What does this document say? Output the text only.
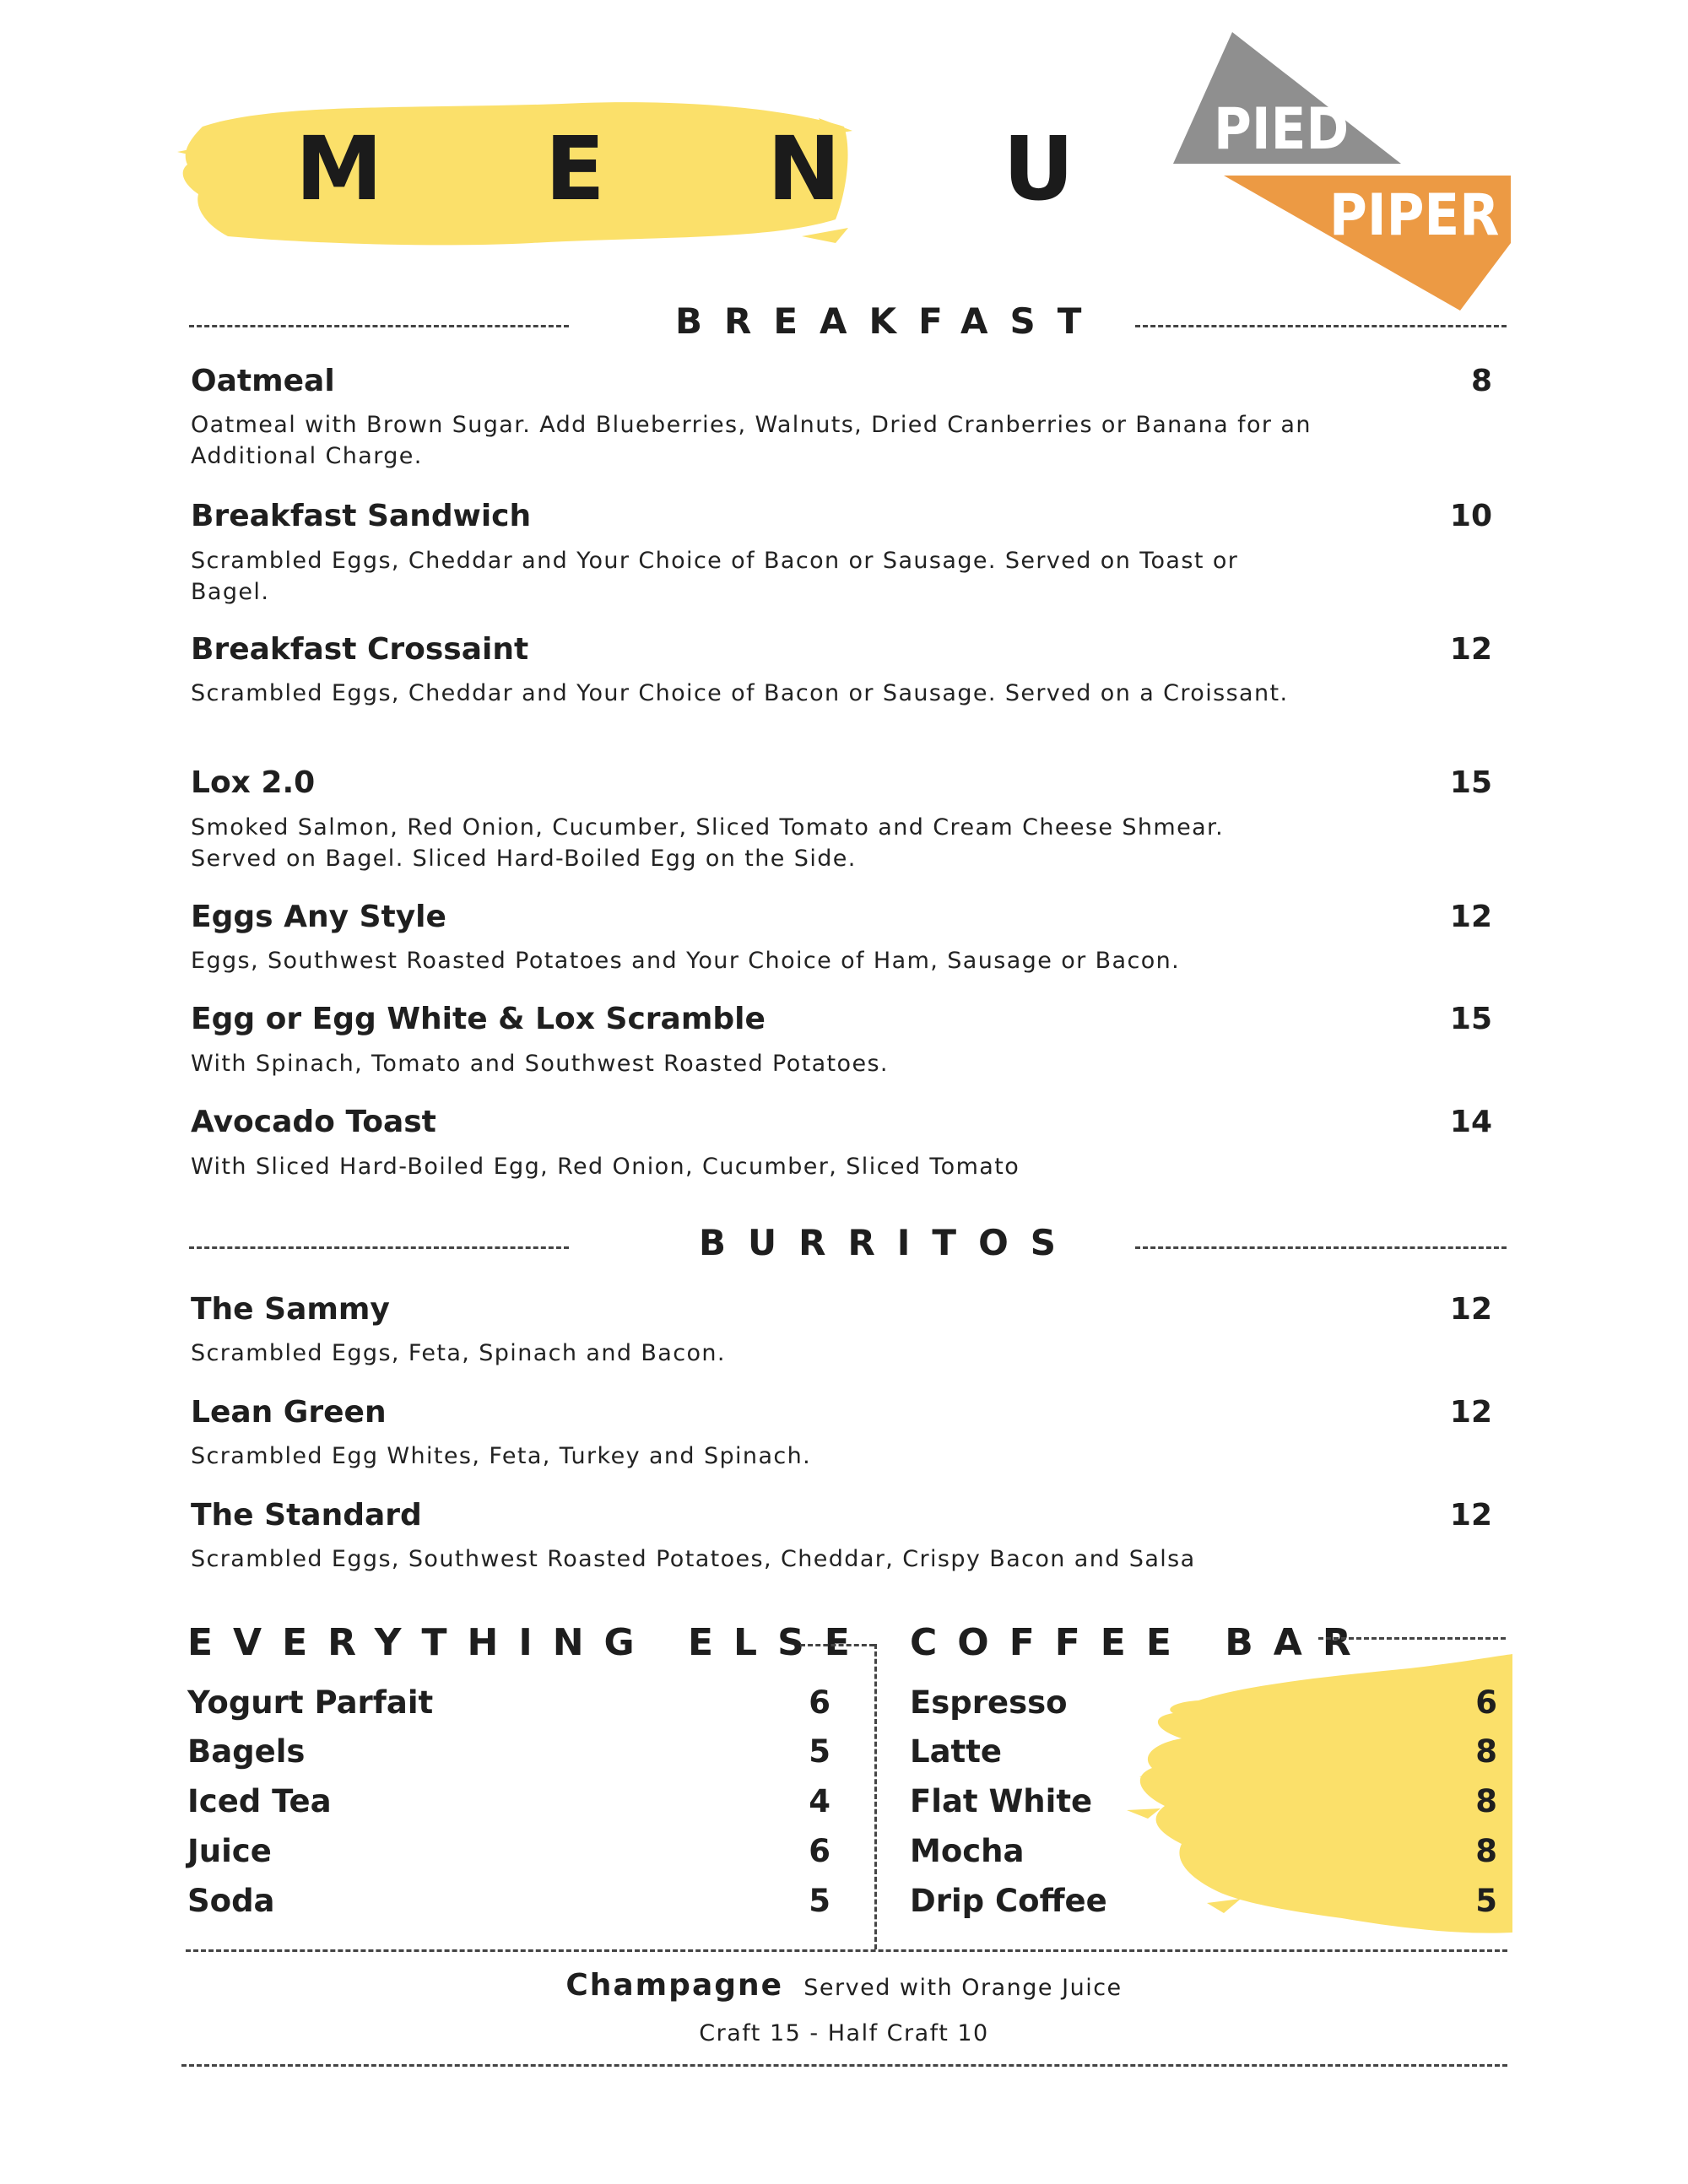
M E N U PIED
PIPER
BREAKFAST
Oatmeal	8
Oatmeal with Brown Sugar. Add Blueberries, Walnuts, Dried Cranberries or Banana for an Additional Charge.
Breakfast Sandwich	10
Scrambled Eggs, Cheddar and Your Choice of Bacon or Sausage. Served on Toast or Bagel.
Breakfast Crossaint	12
Scrambled Eggs, Cheddar and Your Choice of Bacon or Sausage. Served on a Croissant.
Lox 2.0	15
Smoked Salmon, Red Onion, Cucumber, Sliced Tomato and Cream Cheese Shmear. Served on Bagel. Sliced Hard-Boiled Egg on the Side.
Eggs Any Style	12
Eggs, Southwest Roasted Potatoes and Your Choice of Ham, Sausage or Bacon.
Egg or Egg White & Lox Scramble	15
With Spinach, Tomato and Southwest Roasted Potatoes.
Avocado Toast	14
With Sliced Hard-Boiled Egg, Red Onion, Cucumber, Sliced Tomato
BURRITOS
The Sammy	12
Scrambled Eggs, Feta, Spinach and Bacon.
Lean Green	12
Scrambled Egg Whites, Feta, Turkey and Spinach.
The Standard	12
Scrambled Eggs, Southwest Roasted Potatoes, Cheddar, Crispy Bacon and Salsa
EVERYTHING ELSE
Yogurt Parfait	6
Bagels	5
Iced Tea	4
Juice	6
Soda	5
COFFEE BAR
Espresso	6
Latte	8
Flat White	8
Mocha	8
Drip Coffee	5
Champagne Served with Orange Juice
Craft 15 - Half Craft 10
